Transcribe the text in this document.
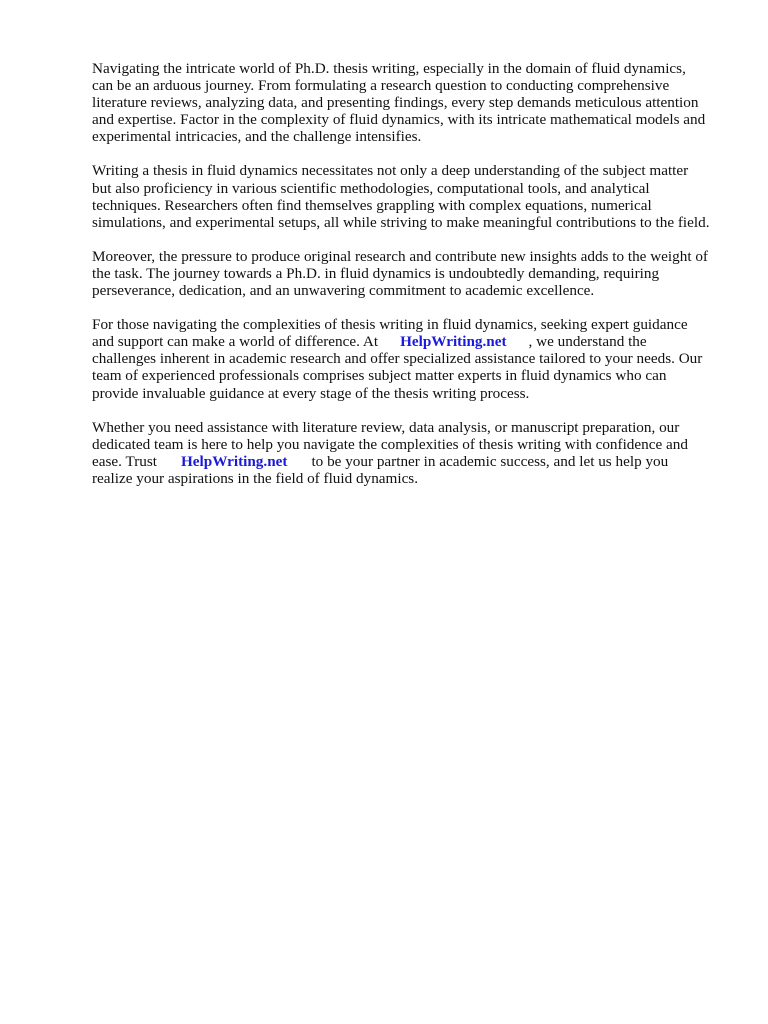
Navigating the intricate world of Ph.D. thesis writing, especially in the domain of fluid dynamics,
can be an arduous journey. From formulating a research question to conducting comprehensive
literature reviews, analyzing data, and presenting findings, every step demands meticulous attention
and expertise. Factor in the complexity of fluid dynamics, with its intricate mathematical models and
experimental intricacies, and the challenge intensifies.

Writing a thesis in fluid dynamics necessitates not only a deep understanding of the subject matter
but also proficiency in various scientific methodologies, computational tools, and analytical
techniques. Researchers often find themselves grappling with complex equations, numerical
simulations, and experimental setups, all while striving to make meaningful contributions to the field.

Moreover, the pressure to produce original research and contribute new insights adds to the weight of
the task. The journey towards a Ph.D. in fluid dynamics is undoubtedly demanding, requiring
perseverance, dedication, and an unwavering commitment to academic excellence.

For those navigating the complexities of thesis writing in fluid dynamics, seeking expert guidance
and support can make a world of difference. At HelpWriting.net , we understand the
challenges inherent in academic research and offer specialized assistance tailored to your needs. Our
team of experienced professionals comprises subject matter experts in fluid dynamics who can
provide invaluable guidance at every stage of the thesis writing process.

Whether you need assistance with literature review, data analysis, or manuscript preparation, our
dedicated team is here to help you navigate the complexities of thesis writing with confidence and
ease. Trust HelpWriting.net to be your partner in academic success, and let us help you
realize your aspirations in the field of fluid dynamics.
